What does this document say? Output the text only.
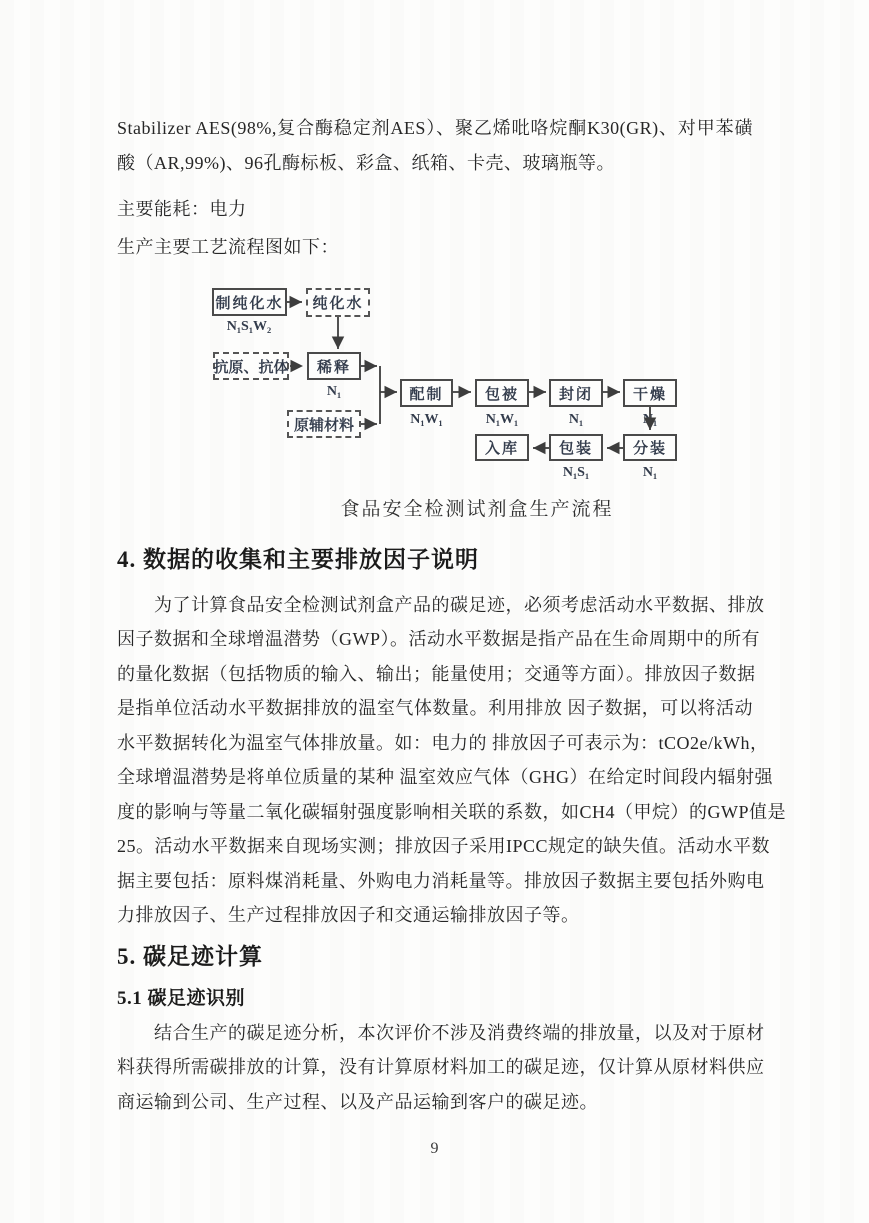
Stabilizer AES(98%,复合酶稳定剂AES）、聚乙烯吡咯烷酮K30(GR)、对甲苯磺
酸（AR,99%)、96孔酶标板、彩盒、纸箱、卡壳、玻璃瓶等。
主要能耗：电力
生产主要工艺流程图如下：
制纯化水	纯化水
抗原、抗体	稀释
原辅材料
配制	包被	封闭	干燥
分装
包装
入库
N₁S₁W₂
N₁
N₁W₁	N₁W₁	N₁	N₁
N₁
N₁S₁
食品安全检测试剂盒生产流程
4. 数据的收集和主要排放因子说明
为了计算食品安全检测试剂盒产品的碳足迹，必须考虑活动水平数据、排放
因子数据和全球增温潜势（GWP）。活动水平数据是指产品在生命周期中的所有
的量化数据（包括物质的输入、输出；能量使用；交通等方面）。排放因子数据
是指单位活动水平数据排放的温室气体数量。利用排放 因子数据，可以将活动
水平数据转化为温室气体排放量。如：电力的 排放因子可表示为：tCO2e/kWh，
全球增温潜势是将单位质量的某种 温室效应气体（GHG）在给定时间段内辐射强
度的影响与等量二氧化碳辐射强度影响相关联的系数，如CH4（甲烷）的GWP值是
25。活动水平数据来自现场实测；排放因子采用IPCC规定的缺失值。活动水平数
据主要包括：原料煤消耗量、外购电力消耗量等。排放因子数据主要包括外购电
力排放因子、生产过程排放因子和交通运输排放因子等。
5. 碳足迹计算
5.1 碳足迹识别
结合生产的碳足迹分析，本次评价不涉及消费终端的排放量，以及对于原材
料获得所需碳排放的计算，没有计算原材料加工的碳足迹，仅计算从原材料供应
商运输到公司、生产过程、以及产品运输到客户的碳足迹。
9
